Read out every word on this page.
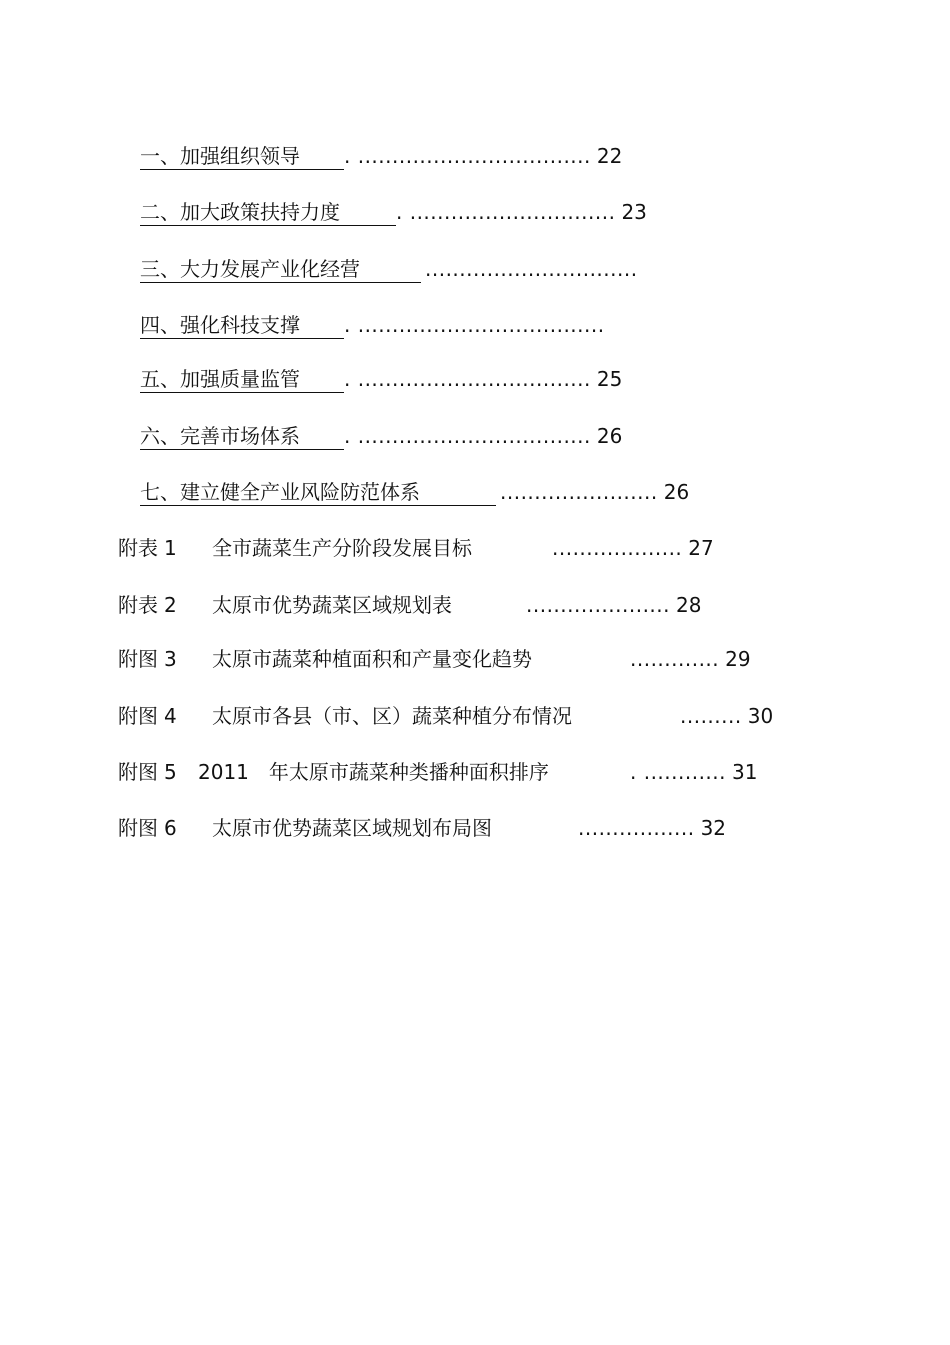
一、加强组织领导 . .................................. 22
二、加大政策扶持力度	. .............................. 23
三、大力发展产业化经营	...............................
四、强化科技支撑 . ....................................
五、加强质量监管 . .................................. 25
六、完善市场体系 . .................................. 26
七、建立健全产业风险防范体系	....................... 26
附表 1 全市蔬菜生产分阶段发展目标	................... 27
附表 2 太原市优势蔬菜区域规划表	..................... 28
附图 3 太原市蔬菜种植面积和产量变化趋势	............. 29
附图 4 太原市各县（市、区）蔬菜种植分布情况	......... 30
附图 5 2011　年太原市蔬菜种类播种面积排序	. ............ 31
附图 6 太原市优势蔬菜区域规划布局图	................. 32
